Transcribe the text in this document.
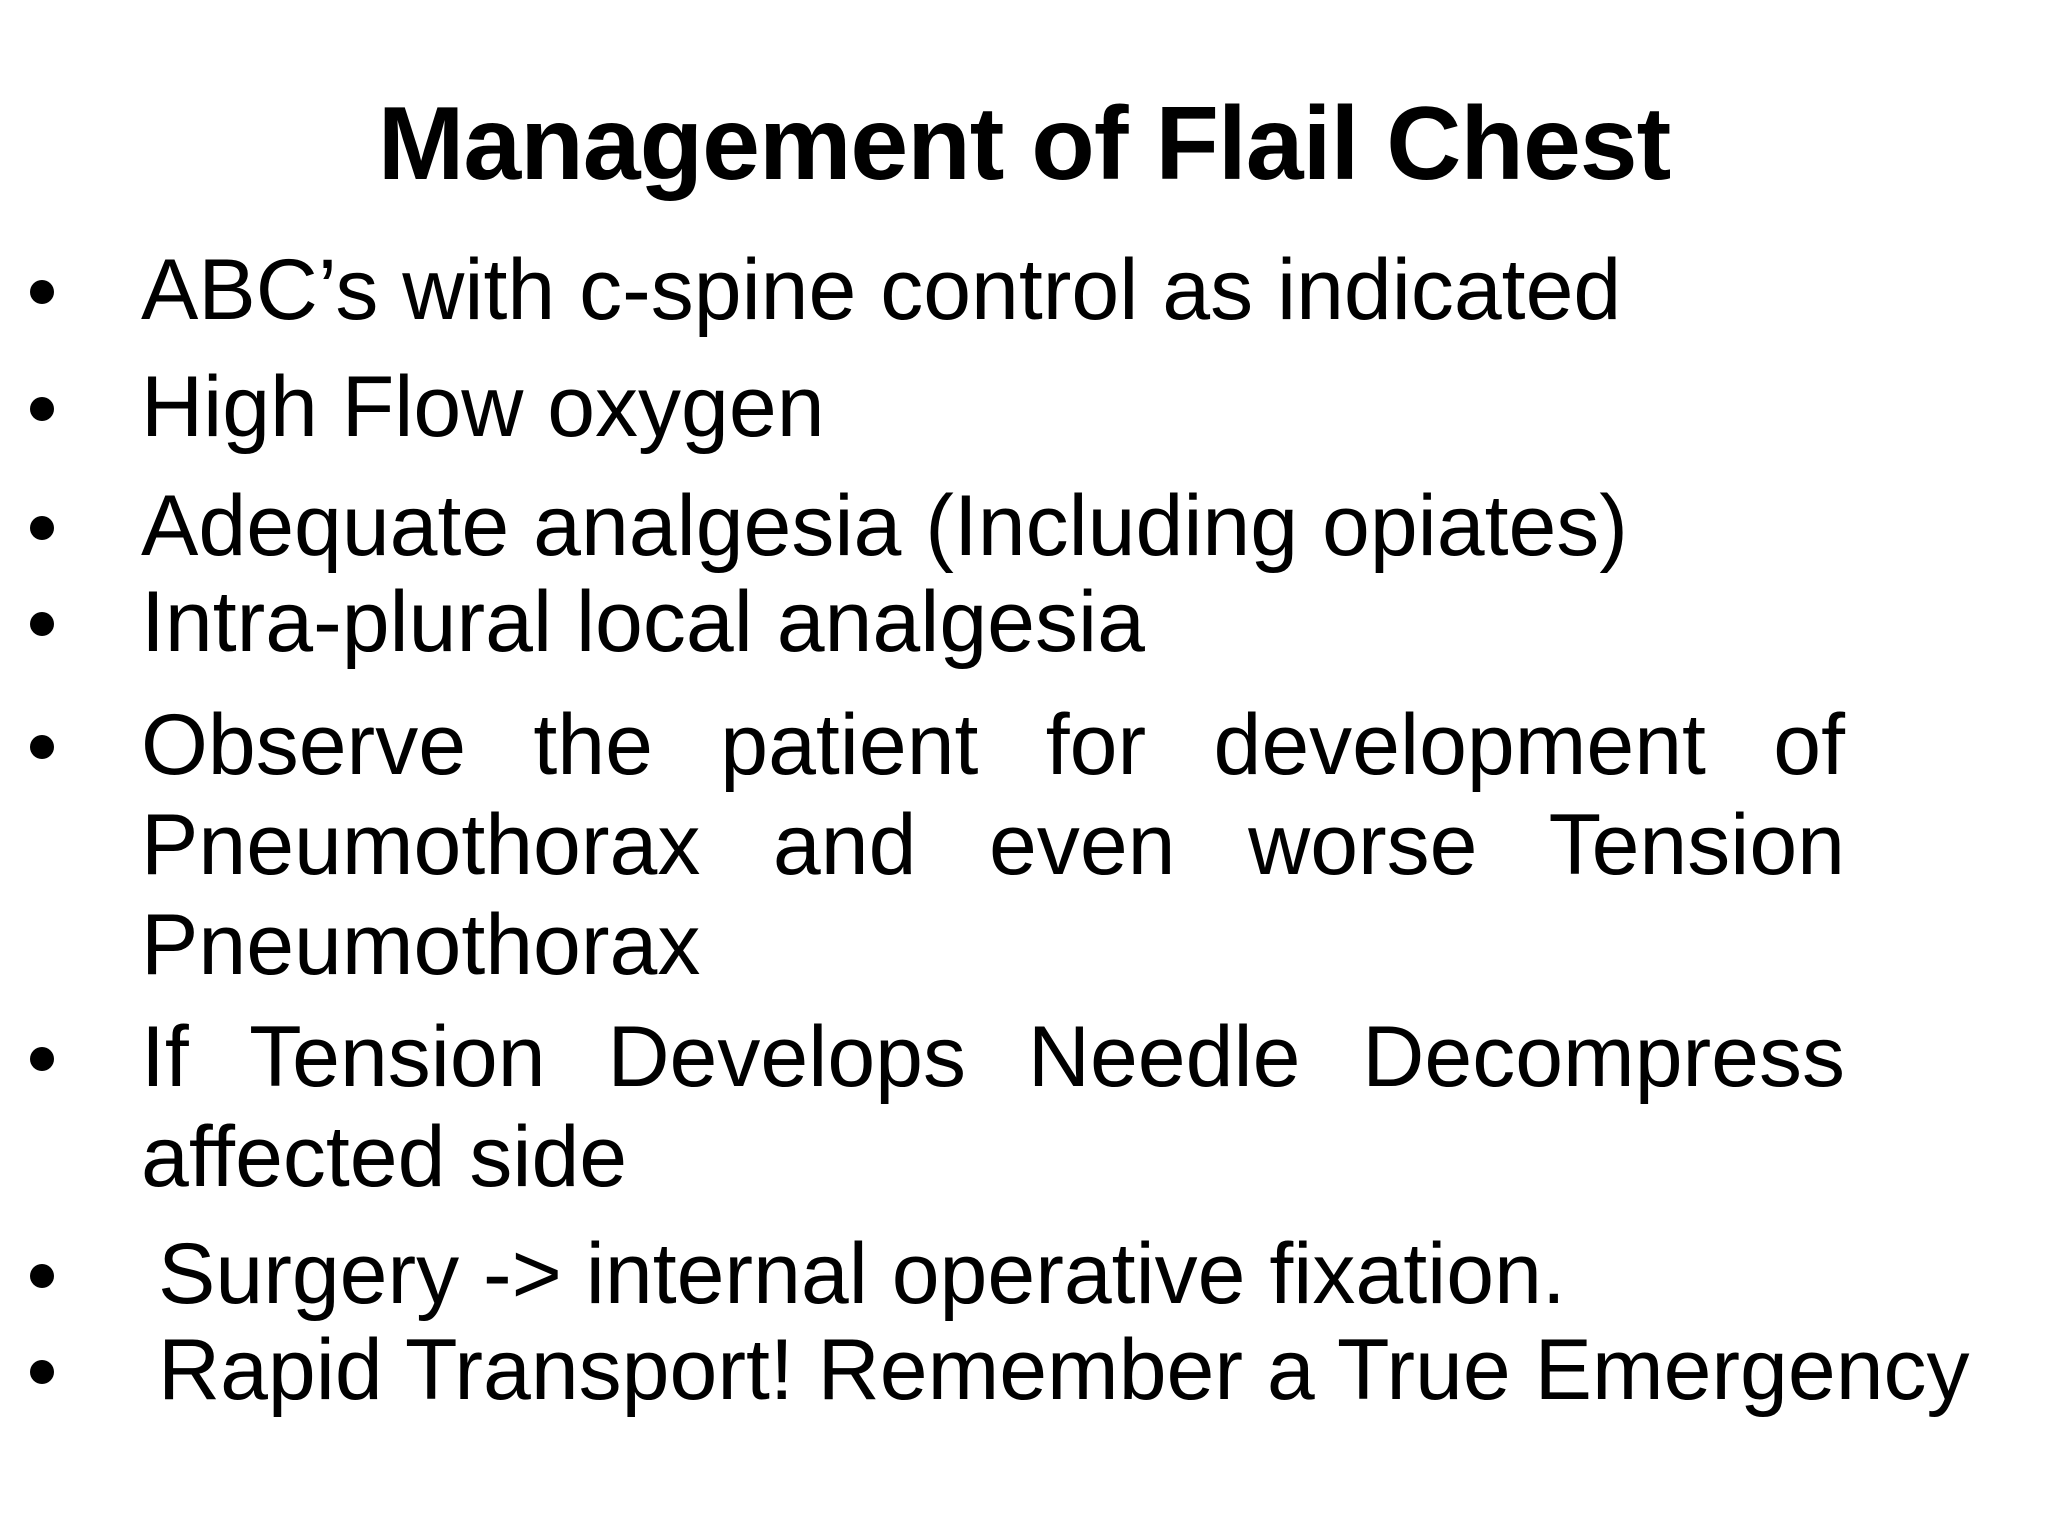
Management of Flail Chest
ABC’s with c-spine control as indicated
High Flow oxygen
Adequate analgesia (Including opiates)
Intra-plural local analgesia
Observe the patient for development of Pneumothorax and even worse Tension Pneumothorax
If Tension Develops Needle Decompress affected side
Surgery -> internal operative fixation.
Rapid Transport! Remember a True Emergency
